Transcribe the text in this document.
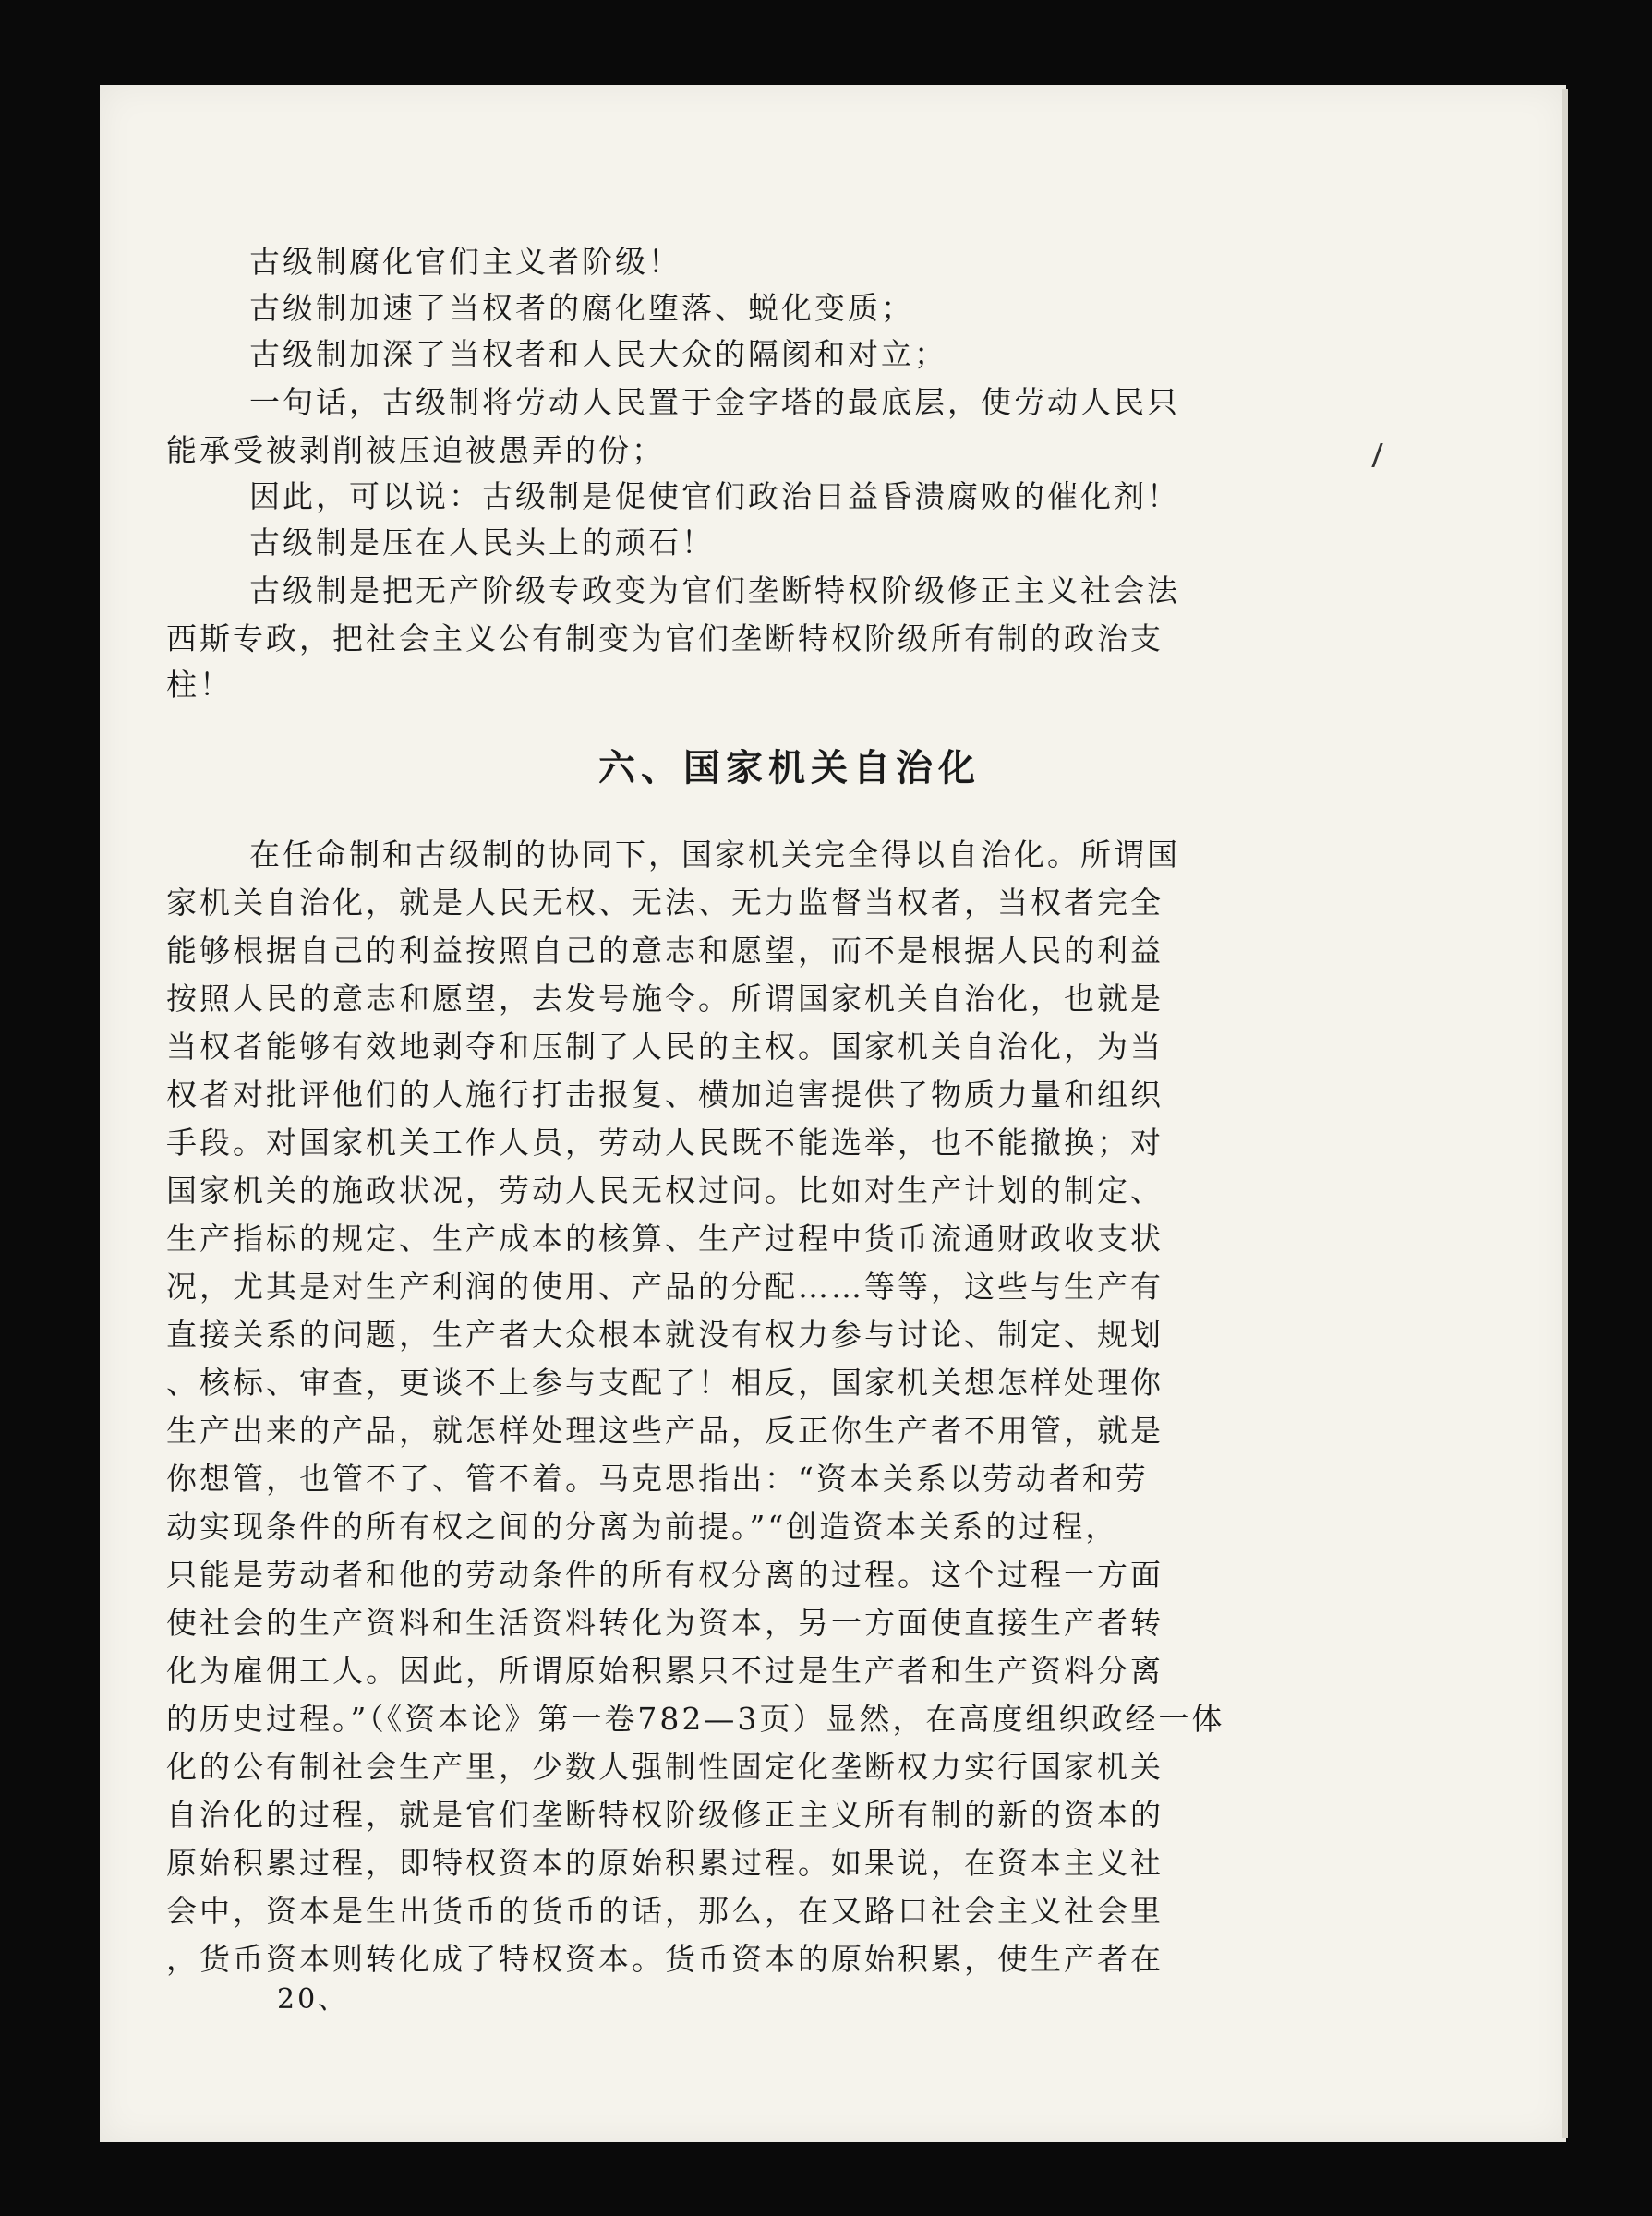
古级制腐化官们主义者阶级！
古级制加速了当权者的腐化堕落、蜕化变质；
古级制加深了当权者和人民大众的隔阂和对立；
一句话，古级制将劳动人民置于金字塔的最底层，使劳动人民只
能承受被剥削被压迫被愚弄的份；
因此，可以说：古级制是促使官们政治日益昏溃腐败的催化剂！
古级制是压在人民头上的顽石！
古级制是把无产阶级专政变为官们垄断特权阶级修正主义社会法
西斯专政，把社会主义公有制变为官们垄断特权阶级所有制的政治支
柱！
六、国家机关自治化
在任命制和古级制的协同下，国家机关完全得以自治化。所谓国
家机关自治化，就是人民无权、无法、无力监督当权者，当权者完全
能够根据自己的利益按照自己的意志和愿望，而不是根据人民的利益
按照人民的意志和愿望，去发号施令。所谓国家机关自治化，也就是
当权者能够有效地剥夺和压制了人民的主权。国家机关自治化，为当
权者对批评他们的人施行打击报复、横加迫害提供了物质力量和组织
手段。对国家机关工作人员，劳动人民既不能选举，也不能撤换；对
国家机关的施政状况，劳动人民无权过问。比如对生产计划的制定、
生产指标的规定、生产成本的核算、生产过程中货币流通财政收支状
况，尤其是对生产利润的使用、产品的分配……等等，这些与生产有
直接关系的问题，生产者大众根本就没有权力参与讨论、制定、规划
、核标、审查，更谈不上参与支配了！相反，国家机关想怎样处理你
生产出来的产品，就怎样处理这些产品，反正你生产者不用管，就是
你想管，也管不了、管不着。马克思指出：“资本关系以劳动者和劳
动实现条件的所有权之间的分离为前提。”“创造资本关系的过程，
只能是劳动者和他的劳动条件的所有权分离的过程。这个过程一方面
使社会的生产资料和生活资料转化为资本，另一方面使直接生产者转
化为雇佣工人。因此，所谓原始积累只不过是生产者和生产资料分离
的历史过程。”（《资本论》第一卷782—3页）显然，在高度组织政经一体
化的公有制社会生产里，少数人强制性固定化垄断权力实行国家机关
自治化的过程，就是官们垄断特权阶级修正主义所有制的新的资本的
原始积累过程，即特权资本的原始积累过程。如果说，在资本主义社
会中，资本是生出货币的货币的话，那么，在又路口社会主义社会里
，货币资本则转化成了特权资本。货币资本的原始积累，使生产者在
20、
